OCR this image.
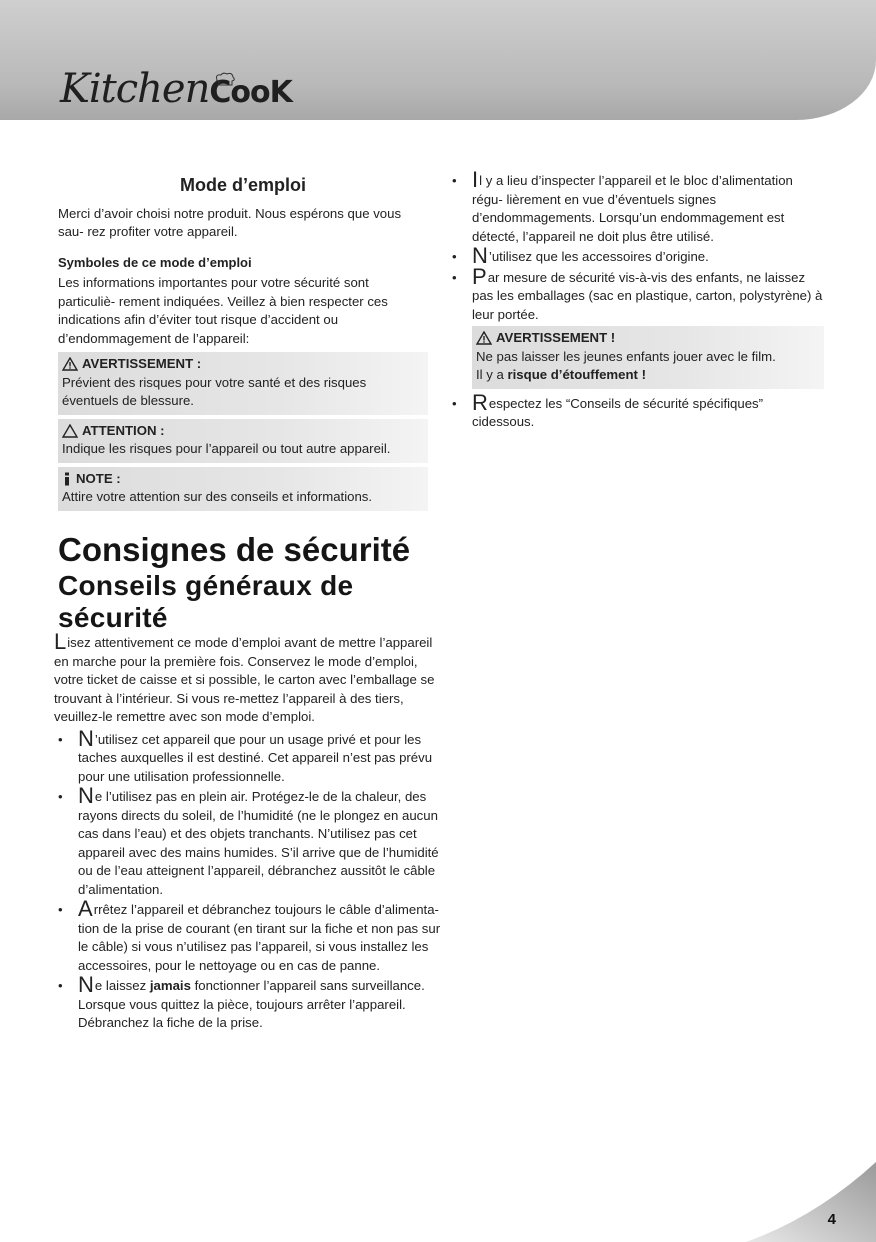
KitchenCooK
Mode d’emploi

Merci d’avoir choisi notre produit. Nous espérons que vous sau- rez profiter votre appareil.

Symboles de ce mode d’emploi

Les informations importantes pour votre sécurité sont particuliè- rement indiquées. Veillez à bien respecter ces indications afin d’éviter tout risque d’accident ou d’endommagement de l’appareil:

AVERTISSEMENT :
Prévient des risques pour votre santé et des risques éventuels de blessure.
ATTENTION :
Indique les risques pour l’appareil ou tout autre appareil.
NOTE :
Attire votre attention sur des conseils et informations.
Consignes de sécurité
Conseils généraux de sécurité

Lisez attentivement ce mode d’emploi avant de mettre l’appareil en marche pour la première fois. Conservez le mode d’emploi, votre ticket de caisse et si possible, le carton avec l’emballage se trouvant à l’intérieur. Si vous re-mettez l’appareil à des tiers, veuillez-le remettre avec son mode d’emploi.

• N’utilisez cet appareil que pour un usage privé et pour les taches auxquelles il est destiné. Cet appareil n’est pas prévu pour une utilisation professionnelle.
• Ne l’utilisez pas en plein air. Protégez-le de la chaleur, des rayons directs du soleil, de l’humidité (ne le plongez en aucun cas dans l’eau) et des objets tranchants. N’utilisez pas cet appareil avec des mains humides. S’il arrive que de l’humidité ou de l’eau atteignent l’appareil, débranchez aussitôt le câble d’alimentation.
• Arrêtez l’appareil et débranchez toujours le câble d’alimenta- tion de la prise de courant (en tirant sur la fiche et non pas sur le câble) si vous n’utilisez pas l’appareil, si vous installez les accessoires, pour le nettoyage ou en cas de panne.
• Ne laissez jamais fonctionner l’appareil sans surveillance. Lorsque vous quittez la pièce, toujours arrêter l’appareil. Débranchez la fiche de la prise.
• Il y a lieu d’inspecter l’appareil et le bloc d’alimentation régu- lièrement en vue d’éventuels signes d’endommagements. Lorsqu’un endommagement est détecté, l’appareil ne doit plus être utilisé.
• N’utilisez que les accessoires d’origine.
• Par mesure de sécurité vis-à-vis des enfants, ne laissez pas les emballages (sac en plastique, carton, polystyrène) à leur portée.
AVERTISSEMENT !
Ne pas laisser les jeunes enfants jouer avec le film.
Il y a risque d’étouffement !
• Respectez les “Conseils de sécurité spécifiques” cidessous.
4
